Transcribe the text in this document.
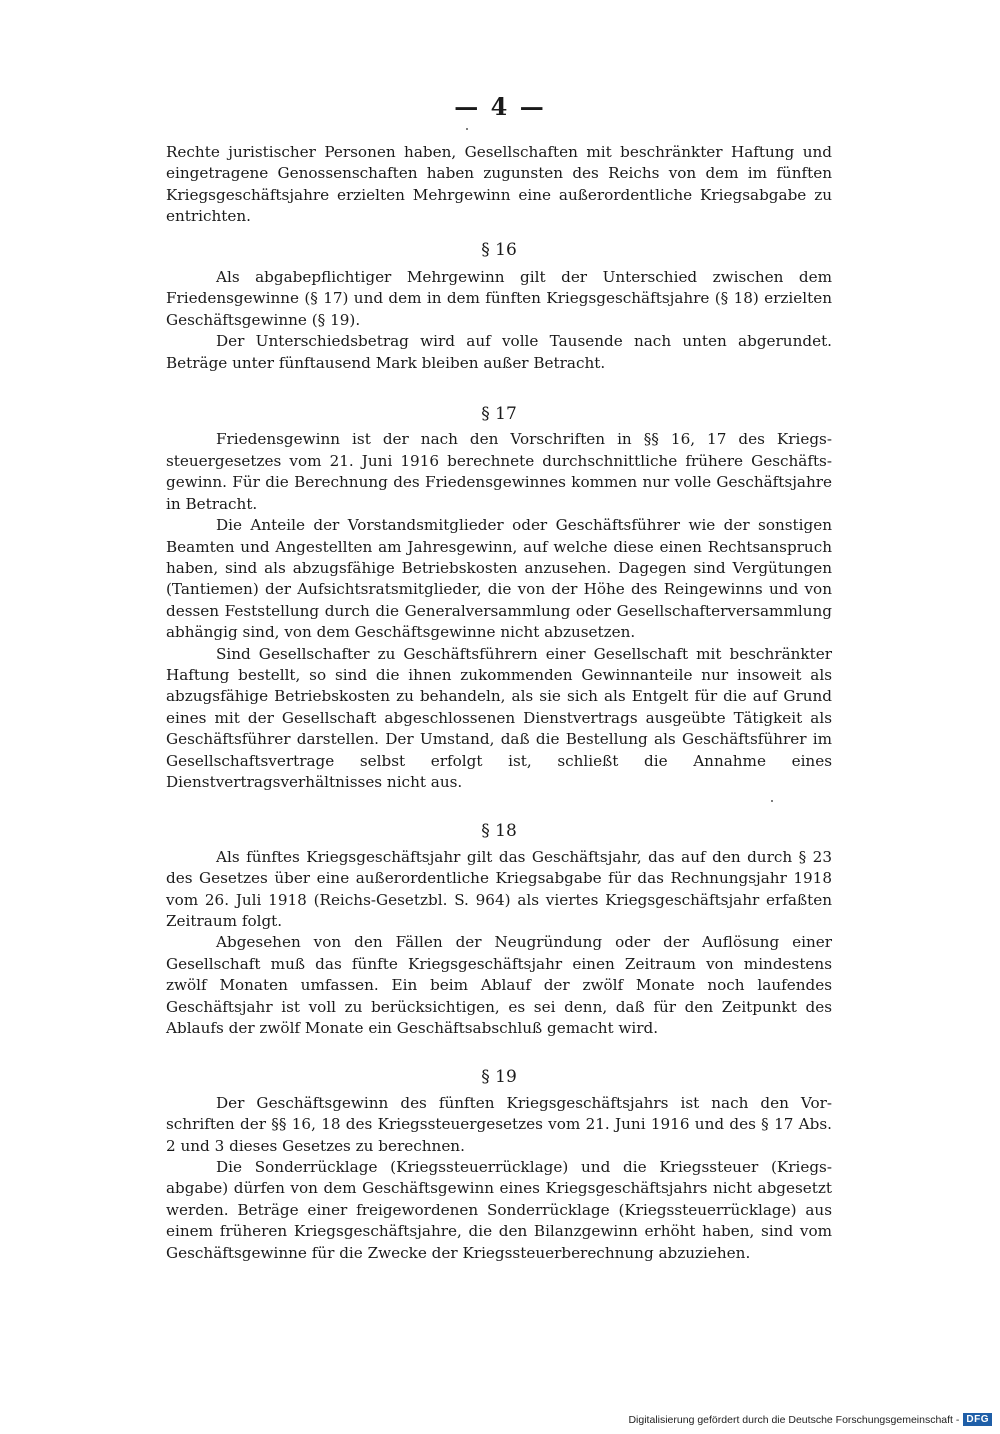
— 4 —

Rechte juristischer Personen haben, Gesellschaften mit beschränkter Haftung und eingetragene Genossenschaften haben zugunsten des Reichs von dem im fünften Kriegsgeschäftsjahre erzielten Mehrgewinn eine außerordentliche Kriegsabgabe zu entrichten.

§ 16

Als abgabepflichtiger Mehrgewinn gilt der Unterschied zwischen dem Friedensgewinne (§ 17) und dem in dem fünften Kriegsgeschäftsjahre (§ 18) erzielten Geschäftsgewinne (§ 19).

Der Unterschiedsbetrag wird auf volle Tausende nach unten abgerundet. Beträge unter fünftausend Mark bleiben außer Betracht.

§ 17

Friedensgewinn ist der nach den Vorschriften in §§ 16, 17 des Kriegssteuergesetzes vom 21. Juni 1916 berechnete durchschnittliche frühere Geschäftsgewinn. Für die Berechnung des Friedensgewinnes kommen nur volle Geschäftsjahre in Betracht.

Die Anteile der Vorstandsmitglieder oder Geschäftsführer wie der sonstigen Beamten und Angestellten am Jahresgewinn, auf welche diese einen Rechtsanspruch haben, sind als abzugsfähige Betriebskosten anzusehen. Dagegen sind Vergütungen (Tantiemen) der Aufsichtsratsmitglieder, die von der Höhe des Reingewinns und von dessen Feststellung durch die Generalversammlung oder Gesellschafterversammlung abhängig sind, von dem Geschäftsgewinne nicht abzusetzen.

Sind Gesellschafter zu Geschäftsführern einer Gesellschaft mit beschränkter Haftung bestellt, so sind die ihnen zukommenden Gewinnanteile nur insoweit als abzugsfähige Betriebskosten zu behandeln, als sie sich als Entgelt für die auf Grund eines mit der Gesellschaft abgeschlossenen Dienstvertrags ausgeübte Tätigkeit als Geschäftsführer darstellen. Der Umstand, daß die Bestellung als Geschäftsführer im Gesellschaftsvertrage selbst erfolgt ist, schließt die Annahme eines Dienstvertragsverhältnisses nicht aus.

§ 18

Als fünftes Kriegsgeschäftsjahr gilt das Geschäftsjahr, das auf den durch § 23 des Gesetzes über eine außerordentliche Kriegsabgabe für das Rechnungsjahr 1918 vom 26. Juli 1918 (Reichs-Gesetzbl. S. 964) als viertes Kriegsgeschäftsjahr erfaßten Zeitraum folgt.

Abgesehen von den Fällen der Neugründung oder der Auflösung einer Gesellschaft muß das fünfte Kriegsgeschäftsjahr einen Zeitraum von mindestens zwölf Monaten umfassen. Ein beim Ablauf der zwölf Monate noch laufendes Geschäftsjahr ist voll zu berücksichtigen, es sei denn, daß für den Zeitpunkt des Ablaufs der zwölf Monate ein Geschäftsabschluß gemacht wird.

§ 19

Der Geschäftsgewinn des fünften Kriegsgeschäftsjahrs ist nach den Vorschriften der §§ 16, 18 des Kriegssteuergesetzes vom 21. Juni 1916 und des § 17 Abs. 2 und 3 dieses Gesetzes zu berechnen.

Die Sonderrücklage (Kriegssteuerrücklage) und die Kriegssteuer (Kriegsabgabe) dürfen von dem Geschäftsgewinn eines Kriegsgeschäftsjahrs nicht abgesetzt werden. Beträge einer freigewordenen Sonderrücklage (Kriegssteuerrücklage) aus einem früheren Kriegsgeschäftsjahre, die den Bilanzgewinn erhöht haben, sind vom Geschäftsgewinne für die Zwecke der Kriegssteuerberechnung abzuziehen.

Digitalisierung gefördert durch die Deutsche Forschungsgemeinschaft - DFG
